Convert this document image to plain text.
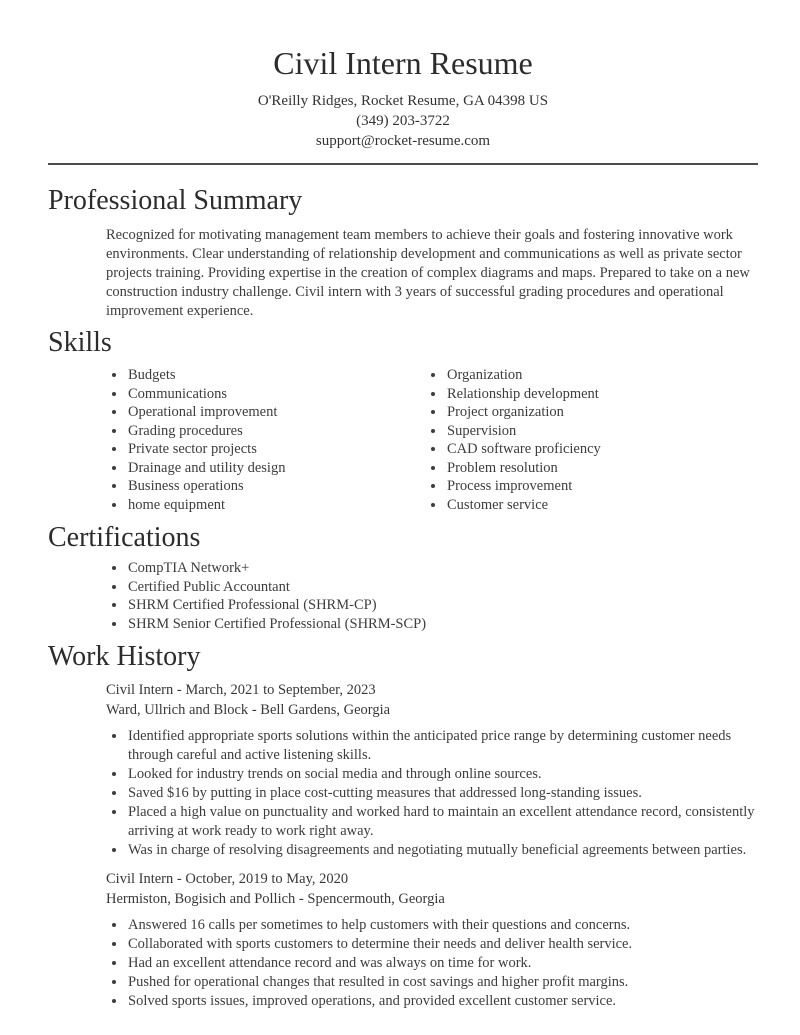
Civil Intern Resume
O'Reilly Ridges, Rocket Resume, GA 04398 US
(349) 203-3722
support@rocket-resume.com
Professional Summary

Recognized for motivating management team members to achieve their goals and fostering innovative work environments. Clear understanding of relationship development and communications as well as private sector projects training. Providing expertise in the creation of complex diagrams and maps. Prepared to take on a new construction industry challenge. Civil intern with 3 years of successful grading procedures and operational improvement experience.

Skills
• Budgets
• Communications
• Operational improvement
• Grading procedures
• Private sector projects
• Drainage and utility design
• Business operations
• home equipment
• Organization
• Relationship development
• Project organization
• Supervision
• CAD software proficiency
• Problem resolution
• Process improvement
• Customer service
Certifications
• CompTIA Network+
• Certified Public Accountant
• SHRM Certified Professional (SHRM-CP)
• SHRM Senior Certified Professional (SHRM-SCP)
Work History
Civil Intern - March, 2021 to September, 2023
Ward, Ullrich and Block - Bell Gardens, Georgia
• Identified appropriate sports solutions within the anticipated price range by determining customer needs through careful and active listening skills.
• Looked for industry trends on social media and through online sources.
• Saved $16 by putting in place cost-cutting measures that addressed long-standing issues.
• Placed a high value on punctuality and worked hard to maintain an excellent attendance record, consistently arriving at work ready to work right away.
• Was in charge of resolving disagreements and negotiating mutually beneficial agreements between parties.
Civil Intern - October, 2019 to May, 2020
Hermiston, Bogisich and Pollich - Spencermouth, Georgia
• Answered 16 calls per sometimes to help customers with their questions and concerns.
• Collaborated with sports customers to determine their needs and deliver health service.
• Had an excellent attendance record and was always on time for work.
• Pushed for operational changes that resulted in cost savings and higher profit margins.
• Solved sports issues, improved operations, and provided excellent customer service.
